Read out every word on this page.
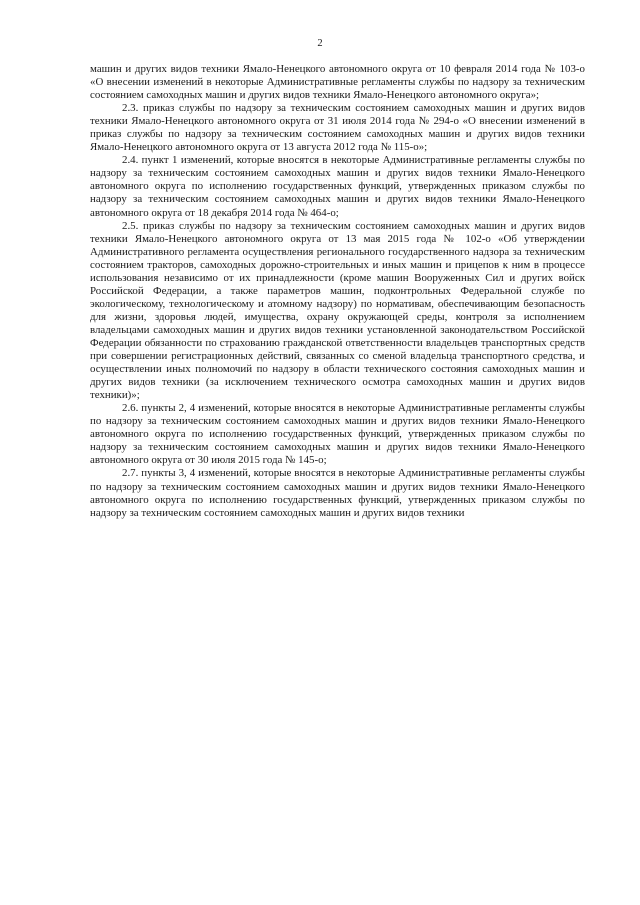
2

машин и других видов техники Ямало-Ненецкого автономного округа от 10 февраля 2014 года № 103-о «О внесении изменений в некоторые Административные регламенты службы по надзору за техническим состоянием самоходных машин и других видов техники Ямало-Ненецкого автономного округа»;

2.3. приказ службы по надзору за техническим состоянием самоходных машин и других видов техники Ямало-Ненецкого автономного округа от 31 июля 2014 года № 294-о «О внесении изменений в приказ службы по надзору за техническим состоянием самоходных машин и других видов техники Ямало-Ненецкого автономного округа от 13 августа 2012 года № 115-о»;

2.4. пункт 1 изменений, которые вносятся в некоторые Административные регламенты службы по надзору за техническим состоянием самоходных машин и других видов техники Ямало-Ненецкого автономного округа по исполнению государственных функций, утвержденных приказом службы по надзору за техническим состоянием самоходных машин и других видов техники Ямало-Ненецкого автономного округа от 18 декабря 2014 года № 464-о;

2.5. приказ службы по надзору за техническим состоянием самоходных машин и других видов техники Ямало-Ненецкого автономного округа от 13 мая 2015 года № 102-о «Об утверждении Административного регламента осуществления регионального государственного надзора за техническим состоянием тракторов, самоходных дорожно-строительных и иных машин и прицепов к ним в процессе использования независимо от их принадлежности (кроме машин Вооруженных Сил и других войск Российской Федерации, а также параметров машин, подконтрольных Федеральной службе по экологическому, технологическому и атомному надзору) по нормативам, обеспечивающим безопасность для жизни, здоровья людей, имущества, охрану окружающей среды, контроля за исполнением владельцами самоходных машин и других видов техники установленной законодательством Российской Федерации обязанности по страхованию гражданской ответственности владельцев транспортных средств при совершении регистрационных действий, связанных со сменой владельца транспортного средства, и осуществлении иных полномочий по надзору в области технического состояния самоходных машин и других видов техники (за исключением технического осмотра самоходных машин и других видов техники)»;

2.6. пункты 2, 4 изменений, которые вносятся в некоторые Административные регламенты службы по надзору за техническим состоянием самоходных машин и других видов техники Ямало-Ненецкого автономного округа по исполнению государственных функций, утвержденных приказом службы по надзору за техническим состоянием самоходных машин и других видов техники Ямало-Ненецкого автономного округа от 30 июля 2015 года № 145-о;

2.7. пункты 3, 4 изменений, которые вносятся в некоторые Административные регламенты службы по надзору за техническим состоянием самоходных машин и других видов техники Ямало-Ненецкого автономного округа по исполнению государственных функций, утвержденных приказом службы по надзору за техническим состоянием самоходных машин и других видов техники
